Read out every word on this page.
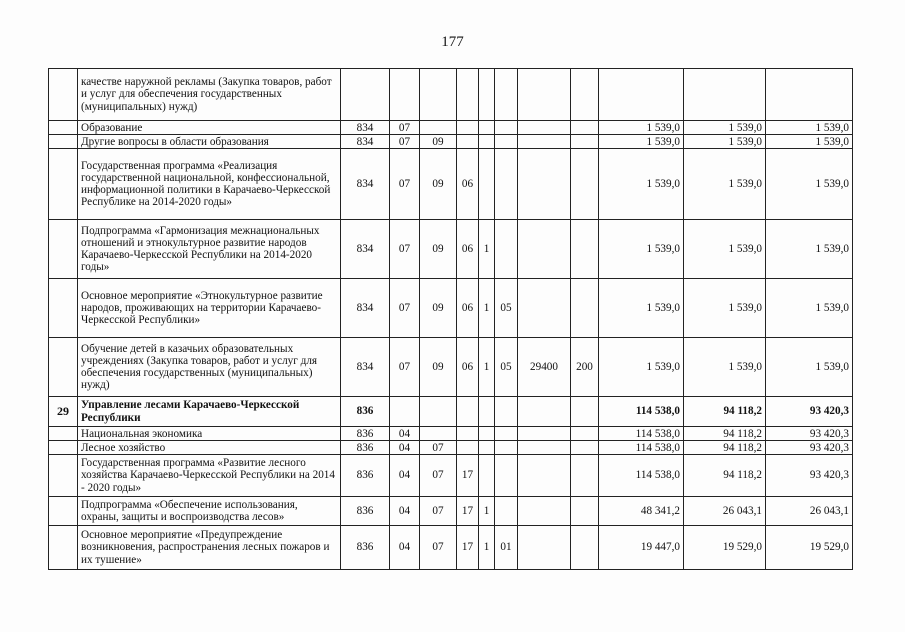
177
	качестве наружной рекламы (Закупка товаров, работ и услуг для обеспечения государственных (муниципальных) нужд)											
	Образование	834	07							1 539,0	1 539,0	1 539,0
	Другие вопросы в области образования	834	07	09						1 539,0	1 539,0	1 539,0
	Государственная программа «Реализация государственной национальной, конфессиональной, информационной политики в Карачаево-Черкесской Республике на 2014-2020 годы»	834	07	09	06					1 539,0	1 539,0	1 539,0
	Подпрограмма «Гармонизация межнациональных отношений и этнокультурное развитие народов Карачаево-Черкесской Республики на 2014-2020 годы»	834	07	09	06	1				1 539,0	1 539,0	1 539,0
	Основное мероприятие «Этнокультурное развитие народов, проживающих на территории Карачаево-Черкесской Республики»	834	07	09	06	1	05			1 539,0	1 539,0	1 539,0
	Обучение детей в казачьих образовательных учреждениях (Закупка товаров, работ и услуг для обеспечения государственных (муниципальных) нужд)	834	07	09	06	1	05	29400	200	1 539,0	1 539,0	1 539,0
29	Управление лесами Карачаево-Черкесской Республики	836								114 538,0	94 118,2	93 420,3
	Национальная экономика	836	04							114 538,0	94 118,2	93 420,3
	Лесное хозяйство	836	04	07						114 538,0	94 118,2	93 420,3
	Государственная программа «Развитие лесного хозяйства Карачаево-Черкесской Республики на 2014 - 2020 годы»	836	04	07	17					114 538,0	94 118,2	93 420,3
	Подпрограмма «Обеспечение использования, охраны, защиты и воспроизводства лесов»	836	04	07	17	1				48 341,2	26 043,1	26 043,1
	Основное мероприятие «Предупреждение возникновения, распространения лесных пожаров и их тушение»	836	04	07	17	1	01			19 447,0	19 529,0	19 529,0
